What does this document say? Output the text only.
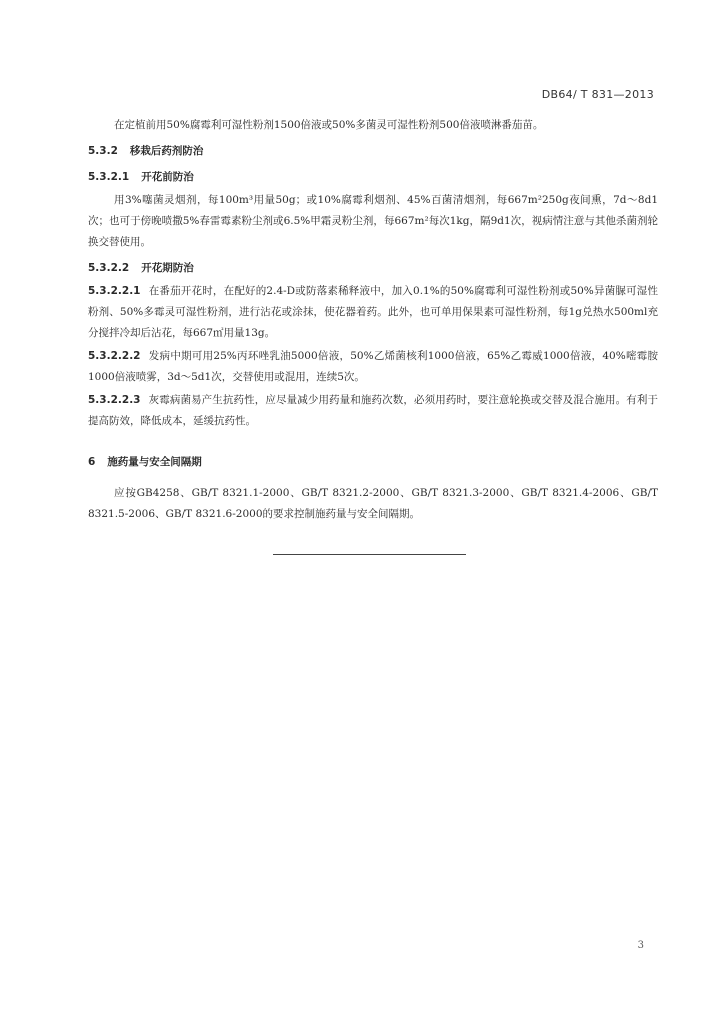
DB64/ T 831—2013

在定植前用50%腐霉利可湿性粉剂1500倍液或50%多菌灵可湿性粉剂500倍液喷淋番茄苗。

5.3.2 移栽后药剂防治
5.3.2.1 开花前防治

用3%噻菌灵烟剂，每100m³用量50g；或10%腐霉利烟剂、45%百菌清烟剂，每667m²250g夜间熏，7d～8d1次；也可于傍晚喷撒5%春雷霉素粉尘剂或6.5%甲霜灵粉尘剂，每667m²每次1kg，隔9d1次，视病情注意与其他杀菌剂轮换交替使用。

5.3.2.2 开花期防治

5.3.2.2.1 在番茄开花时，在配好的2.4-D或防落素稀释液中，加入0.1%的50%腐霉利可湿性粉剂或50%异菌脲可湿性粉剂、50%多霉灵可湿性粉剂，进行沾花或涂抹，使花器着药。此外，也可单用保果素可湿性粉剂，每1g兑热水500ml充分搅拌冷却后沾花，每667㎡用量13g。

5.3.2.2.2 发病中期可用25%丙环唑乳油5000倍液，50%乙烯菌核利1000倍液，65%乙霉威1000倍液，40%嘧霉胺1000倍液喷雾，3d～5d1次，交替使用或混用，连续5次。

5.3.2.2.3 灰霉病菌易产生抗药性，应尽量减少用药量和施药次数，必须用药时，要注意轮换或交替及混合施用。有利于提高防效，降低成本，延缓抗药性。

6 施药量与安全间隔期

应按GB4258、GB/T 8321.1-2000、GB/T 8321.2-2000、GB/T 8321.3-2000、GB/T 8321.4-2006、GB/T 8321.5-2006、GB/T 8321.6-2000的要求控制施药量与安全间隔期。

3
